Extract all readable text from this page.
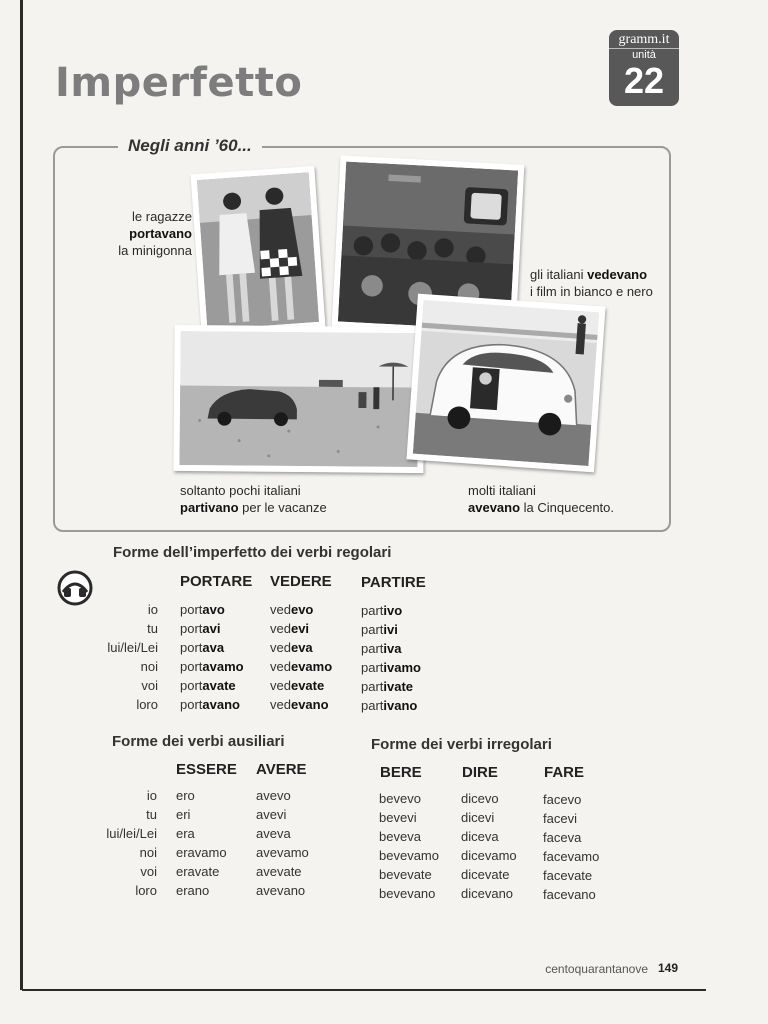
Imperfetto
gramm.it
unità
22
Negli anni ’60...
le ragazze portavano
la minigonna
gli italiani vedevano
i film in bianco e nero
soltanto pochi italiani
partivano per le vacanze
molti italiani
avevano la Cinquecento.
Forme dell’imperfetto dei verbi regolari
PORTARE VEDERE PARTIRE
io
tu
lui/lei/Lei
noi
voi
loro
portavo
portavi
portava
portavamo
portavate
portavano
vedevo
vedevi
vedeva
vedevamo
vedevate
vedevano
partivo
partivi
partiva
partivamo
partivate
partivano
Forme dei verbi ausiliari
ESSERE AVERE
io
tu
lui/lei/Lei
noi
voi
loro
ero
eri
era
eravamo
eravate
erano
avevo
avevi
aveva
avevamo
avevate
avevano
Forme dei verbi irregolari
BERE	DIRE	FARE
bevevo
bevevi
beveva
bevevamo
bevevate
bevevano
dicevo
dicevi
diceva
dicevamo
dicevate
dicevano
facevo
facevi
faceva
facevamo
facevate
facevano
centoquarantanove 149
